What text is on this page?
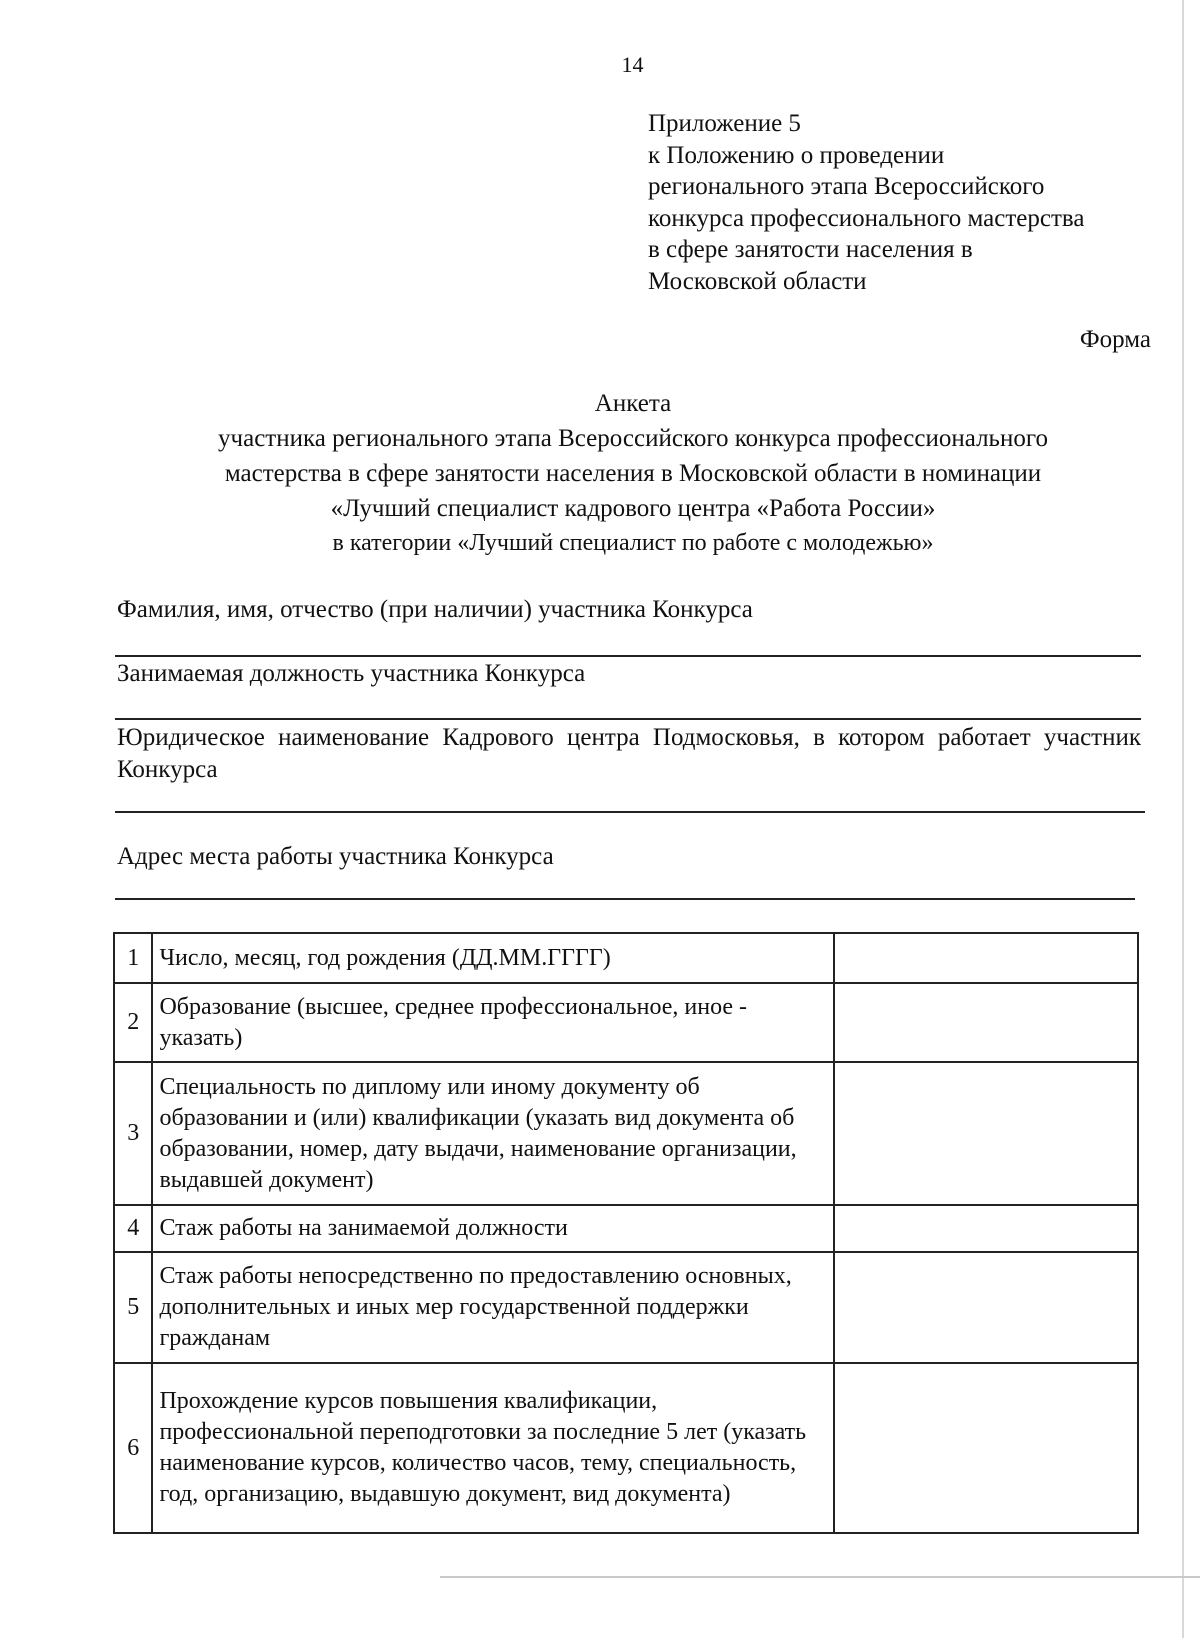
14
Приложение 5
к Положению о проведении
регионального этапа Всероссийского
конкурса профессионального мастерства
в сфере занятости населения в
Московской области
Форма
Анкета
участника регионального этапа Всероссийского конкурса профессионального
мастерства в сфере занятости населения в Московской области в номинации
«Лучший специалист кадрового центра «Работа России»
в категории «Лучший специалист по работе с молодежью»
Фамилия, имя, отчество (при наличии) участника Конкурса
Занимаемая должность участника Конкурса
Юридическое наименование Кадрового центра Подмосковья, в котором работает участник Конкурса
Адрес места работы участника Конкурса
1	Число, месяц, год рождения (ДД.ММ.ГГГГ)	
2	Образование (высшее, среднее профессиональное, иное - указать)	
3	Специальность по диплому или иному документу об образовании и (или) квалификации (указать вид документа об образовании, номер, дату выдачи, наименование организации, выдавшей документ)	
4	Стаж работы на занимаемой должности	
5	Стаж работы непосредственно по предоставлению основных, дополнительных и иных мер государственной поддержки гражданам	
6	Прохождение курсов повышения квалификации, профессиональной переподготовки за последние 5 лет (указать наименование курсов, количество часов, тему, специальность, год, организацию, выдавшую документ, вид документа)	
